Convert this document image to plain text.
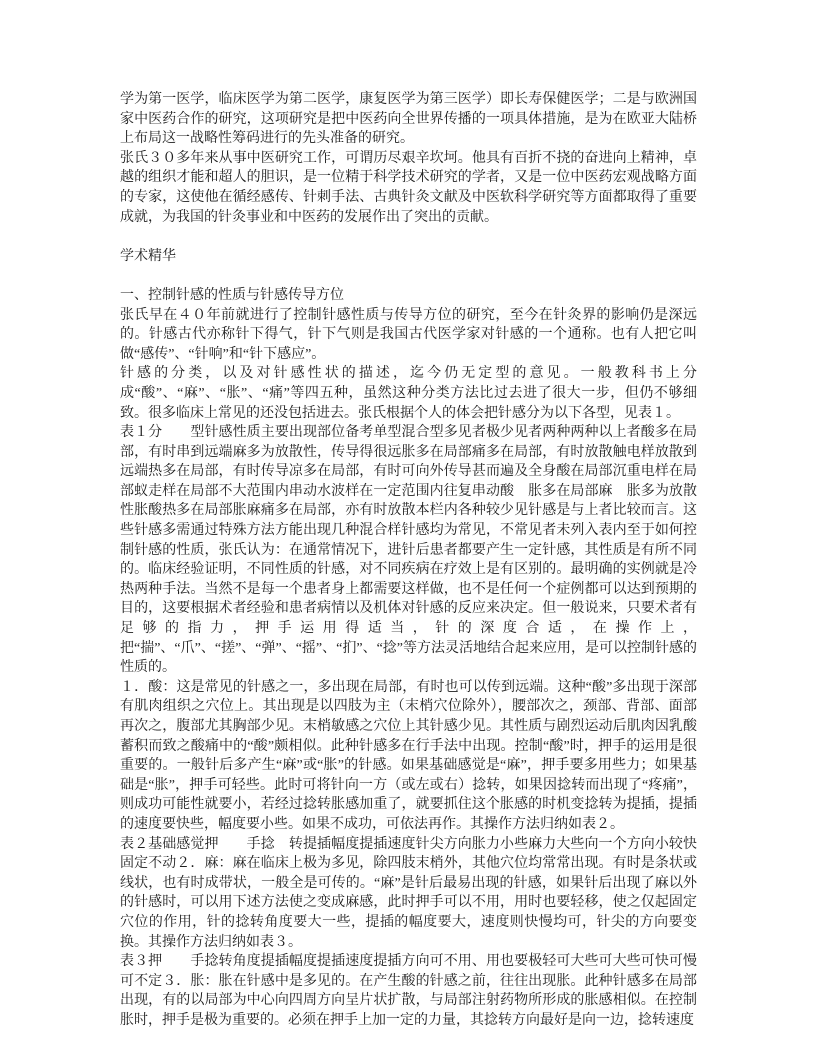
学为第一医学，临床医学为第二医学，康复医学为第三医学）即长寿保健医学；二是与欧洲国家中医药合作的研究，这项研究是把中医药向全世界传播的一项具体措施，是为在欧亚大陆桥上布局这一战略性筹码进行的先头准备的研究。

张氏３０多年来从事中医研究工作，可谓历尽艰辛坎坷。他具有百折不挠的奋进向上精神，卓越的组织才能和超人的胆识，是一位精于科学技术研究的学者，又是一位中医药宏观战略方面的专家，这使他在循经感传、针刺手法、古典针灸文献及中医软科学研究等方面都取得了重要成就，为我国的针灸事业和中医药的发展作出了突出的贡献。

学术精华

一、控制针感的性质与针感传导方位

张氏早在４０年前就进行了控制针感性质与传导方位的研究，至今在针灸界的影响仍是深远的。针感古代亦称针下得气，针下气则是我国古代医学家对针感的一个通称。也有人把它叫做“感传”、“针响”和“针下感应”。

针感的分类，以及对针感性状的描述，迄今仍无定型的意见。一般教科书上分成“酸”、“麻”、“胀”、“痛”等四五种，虽然这种分类方法比过去进了很大一步，但仍不够细致。很多临床上常见的还没包括进去。张氏根据个人的体会把针感分为以下各型，见表１。

表１分　　型针感性质主要出现部位备考单型混合型多见者极少见者两种两种以上者酸多在局部，有时串到远端麻多为放散性，传导得很远胀多在局部痛多在局部，有时放散触电样放散到远端热多在局部，有时传导凉多在局部，有时可向外传导甚而遍及全身酸在局部沉重电样在局部蚁走样在局部不大范围内串动水波样在一定范围内往复串动酸　胀多在局部麻　胀多为放散性胀酸热多在局部胀麻痛多在局部，亦有时放散本栏内各种较少见针感是与上者比较而言。这些针感多需通过特殊方法方能出现几种混合样针感均为常见，不常见者未列入表内至于如何控制针感的性质，张氏认为：在通常情况下，进针后患者都要产生一定针感，其性质是有所不同的。临床经验证明，不同性质的针感，对不同疾病在疗效上是有区别的。最明确的实例就是冷热两种手法。当然不是每一个患者身上都需要这样做，也不是任何一个症例都可以达到预期的目的，这要根据术者经验和患者病情以及机体对针感的反应来决定。但一般说来，只要术者有足够的指力，押手运用得适当，针的深度合适，在操作上，把“揣”、“爪”、“搓”、“弹”、“摇”、“扪”、“捻”等方法灵活地结合起来应用，是可以控制针感的性质的。

１．酸：这是常见的针感之一，多出现在局部，有时也可以传到远端。这种“酸”多出现于深部有肌肉组织之穴位上。其出现是以四肢为主（末梢穴位除外），腰部次之，颈部、背部、面部再次之，腹部尤其胸部少见。末梢敏感之穴位上其针感少见。其性质与剧烈运动后肌肉因乳酸蓄积而致之酸痛中的“酸”颇相似。此种针感多在行手法中出现。控制“酸”时，押手的运用是很重要的。一般针后多产生“麻”或“胀”的针感。如果基础感觉是“麻”，押手要多用些力；如果基础是“胀”，押手可轻些。此时可将针向一方（或左或右）捻转，如果因捻转而出现了“疼痛”，则成功可能性就要小，若经过捻转胀感加重了，就要抓住这个胀感的时机变捻转为提插，提插的速度要快些，幅度要小些。如果不成功，可依法再作。其操作方法归纳如表２。

表２基础感觉押　　手捻　转提插幅度提插速度针尖方向胀力小些麻力大些向一个方向小较快固定不动２．麻：麻在临床上极为多见，除四肢末梢外，其他穴位均常常出现。有时是条状或线状，也有时成带状，一般全是可传的。“麻”是针后最易出现的针感，如果针后出现了麻以外的针感时，可以用下述方法使之变成麻感，此时押手可以不用，用时也要轻移，使之仅起固定穴位的作用，针的捻转角度要大一些，提插的幅度要大，速度则快慢均可，针尖的方向要变换。其操作方法归纳如表３。

表３押　　手捻转角度提插幅度提插速度提插方向可不用、用也要极轻可大些可大些可快可慢可不定３．胀：胀在针感中是多见的。在产生酸的针感之前，往往出现胀。此种针感多在局部出现，有的以局部为中心向四周方向呈片状扩散，与局部注射药物所形成的胀感相似。在控制胀时，押手是极为重要的。必须在押手上加一定的力量，其捻转方向最好是向一边，捻转速度
